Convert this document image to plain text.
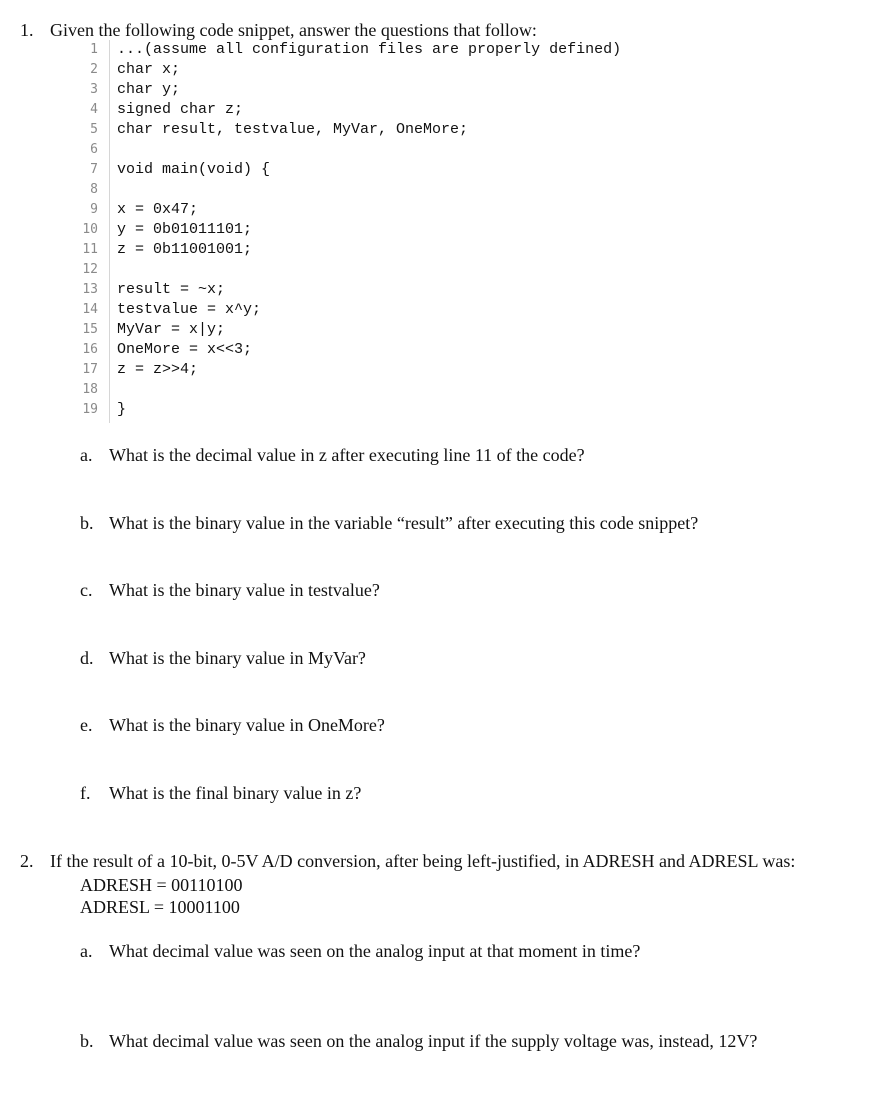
1. Given the following code snippet, answer the questions that follow:
1 ...(assume all configuration files are properly defined)
2 char x;
3 char y;
4 signed char z;
5 char result, testvalue, MyVar, OneMore;
6
7 void main(void) {
8
9 x = 0x47;
10 y = 0b01011101;
11 z = 0b11001001;
12
13 result = ~x;
14 testvalue = x^y;
15 MyVar = x|y;
16 OneMore = x<<3;
17 z = z>>4;
18
19 }
a. What is the decimal value in z after executing line 11 of the code?
b. What is the binary value in the variable “result” after executing this code snippet?
c. What is the binary value in testvalue?
d. What is the binary value in MyVar?
e. What is the binary value in OneMore?
f. What is the final binary value in z?
2. If the result of a 10-bit, 0-5V A/D conversion, after being left-justified, in ADRESH and ADRESL was:
ADRESH = 00110100
ADRESL = 10001100
a. What decimal value was seen on the analog input at that moment in time?
b. What decimal value was seen on the analog input if the supply voltage was, instead, 12V?
